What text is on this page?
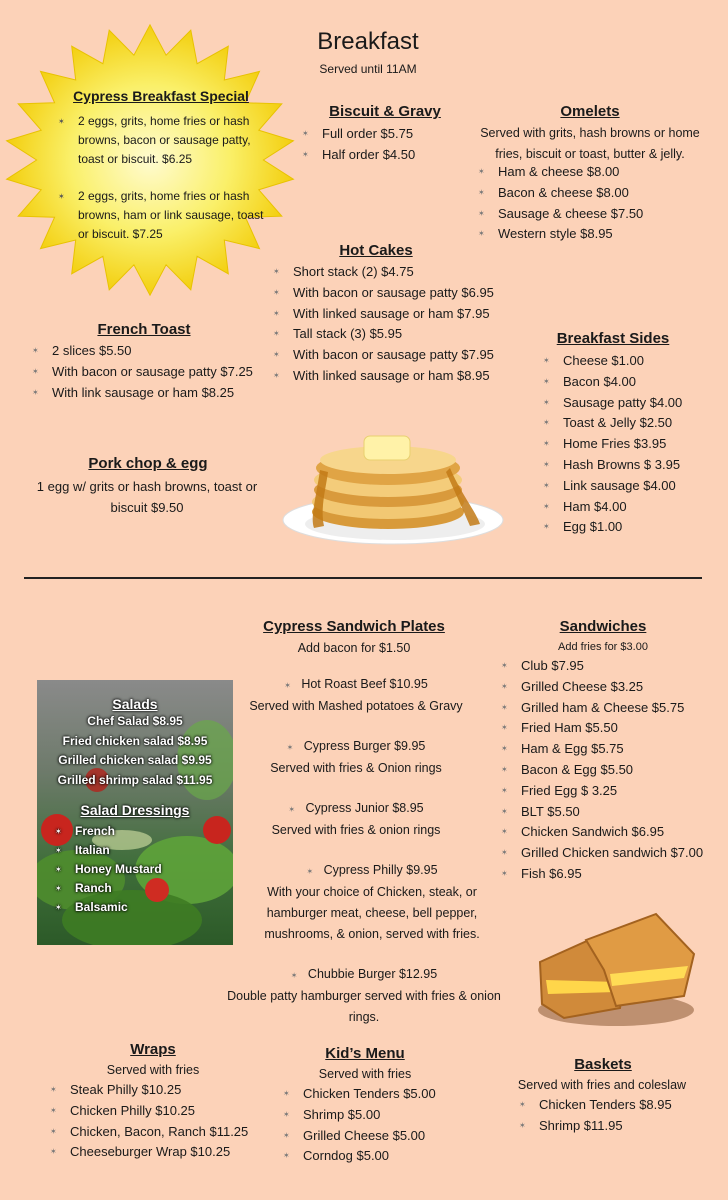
Breakfast
Served until 11AM
Cypress Breakfast Special
✶ 2 eggs, grits, home fries or hash browns, bacon or sausage patty, toast or biscuit. $6.25
✶ 2 eggs, grits, home fries or hash browns, ham or link sausage, toast or biscuit. $7.25
Biscuit & Gravy
✶ Full order $5.75
✶ Half order $4.50
Omelets
Served with grits, hash browns or home fries, biscuit or toast, butter & jelly.
✶ Ham & cheese $8.00
✶ Bacon & cheese $8.00
✶ Sausage & cheese $7.50
✶ Western style $8.95
Hot Cakes
✶ Short stack (2) $4.75
✶ With bacon or sausage patty $6.95
✶ With linked sausage or ham $7.95
✶ Tall stack (3) $5.95
✶ With bacon or sausage patty $7.95
✶ With linked sausage or ham $8.95
French Toast
✶ 2 slices $5.50
✶ With bacon or sausage patty $7.25
✶ With link sausage or ham $8.25
Breakfast Sides
✶ Cheese $1.00
✶ Bacon $4.00
✶ Sausage patty $4.00
✶ Toast & Jelly $2.50
✶ Home Fries $3.95
✶ Hash Browns $ 3.95
✶ Link sausage $4.00
✶ Ham $4.00
✶ Egg $1.00
Pork chop & egg
1 egg w/ grits or hash browns, toast or biscuit $9.50
Cypress Sandwich Plates
Add bacon for $1.50
✶ Hot Roast Beef $10.95
Served with Mashed potatoes & Gravy
✶ Cypress Burger $9.95
Served with fries & Onion rings
✶ Cypress Junior $8.95
Served with fries & onion rings
✶ Cypress Philly $9.95
With your choice of Chicken, steak, or hamburger meat, cheese, bell pepper, mushrooms, & onion, served with fries.
✶ Chubbie Burger $12.95
Double patty hamburger served with fries & onion rings.
Sandwiches
Add fries for $3.00
✶ Club $7.95
✶ Grilled Cheese $3.25
✶ Grilled ham & Cheese $5.75
✶ Fried Ham $5.50
✶ Ham & Egg $5.75
✶ Bacon & Egg $5.50
✶ Fried Egg $ 3.25
✶ BLT $5.50
✶ Chicken Sandwich $6.95
✶ Grilled Chicken sandwich $7.00
✶ Fish $6.95
Salads
Chef Salad $8.95
Fried chicken salad $8.95
Grilled chicken salad $9.95
Grilled shrimp salad $11.95
Salad Dressings
✶ French
✶ Italian
✶ Honey Mustard
✶ Ranch
✶ Balsamic
Wraps
Served with fries
✶ Steak Philly $10.25
✶ Chicken Philly $10.25
✶ Chicken, Bacon, Ranch $11.25
✶ Cheeseburger Wrap $10.25
Kid’s Menu
Served with fries
✶ Chicken Tenders $5.00
✶ Shrimp $5.00
✶ Grilled Cheese $5.00
✶ Corndog $5.00
Baskets
Served with fries and coleslaw
✶ Chicken Tenders $8.95
✶ Shrimp $11.95
